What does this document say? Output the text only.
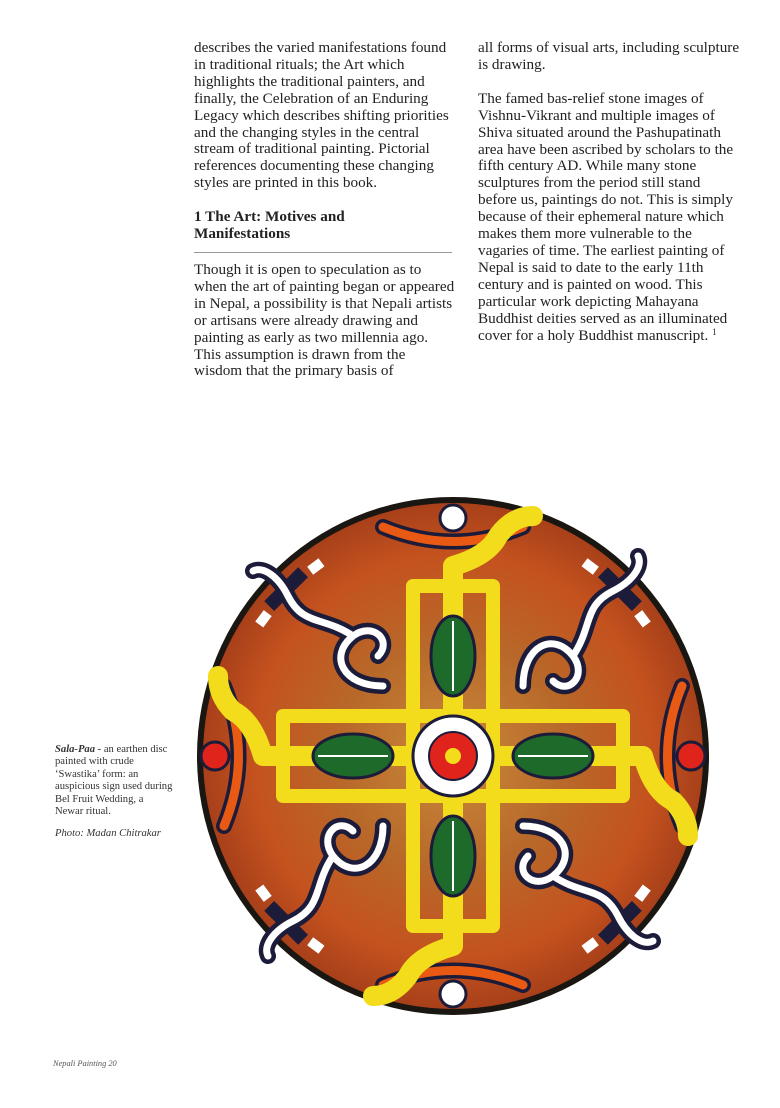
describes the varied manifestations found in traditional rituals; the Art which highlights the traditional painters, and finally, the Celebration of an Enduring Legacy which describes shifting priorities and the changing styles in the central stream of traditional painting. Pictorial references documenting these changing styles are printed in this book.

1 The Art: Motives and
Manifestations

Though it is open to speculation as to when the art of painting began or appeared in Nepal, a possibility is that Nepali artists or artisans were already drawing and painting as early as two millennia ago. This assumption is drawn from the wisdom that the primary basis of

all forms of visual arts, including sculpture is drawing.

The famed bas-relief stone images of Vishnu-Vikrant and multiple images of Shiva situated around the Pashupatinath area have been ascribed by scholars to the fifth century AD. While many stone sculptures from the period still stand before us, paintings do not. This is simply because of their ephemeral nature which makes them more vulnerable to the vagaries of time. The earliest painting of Nepal is said to date to the early 11th century and is painted on wood. This particular work depicting Mahayana Buddhist deities served as an illuminated cover for a holy Buddhist manuscript. $^1$

Sala-Paa - an earthen disc painted with crude ‘Swastika’ form: an auspicious sign used during Bel Fruit Wedding, a Newar ritual.

Photo: Madan Chitrakar

Nepali Painting 20
